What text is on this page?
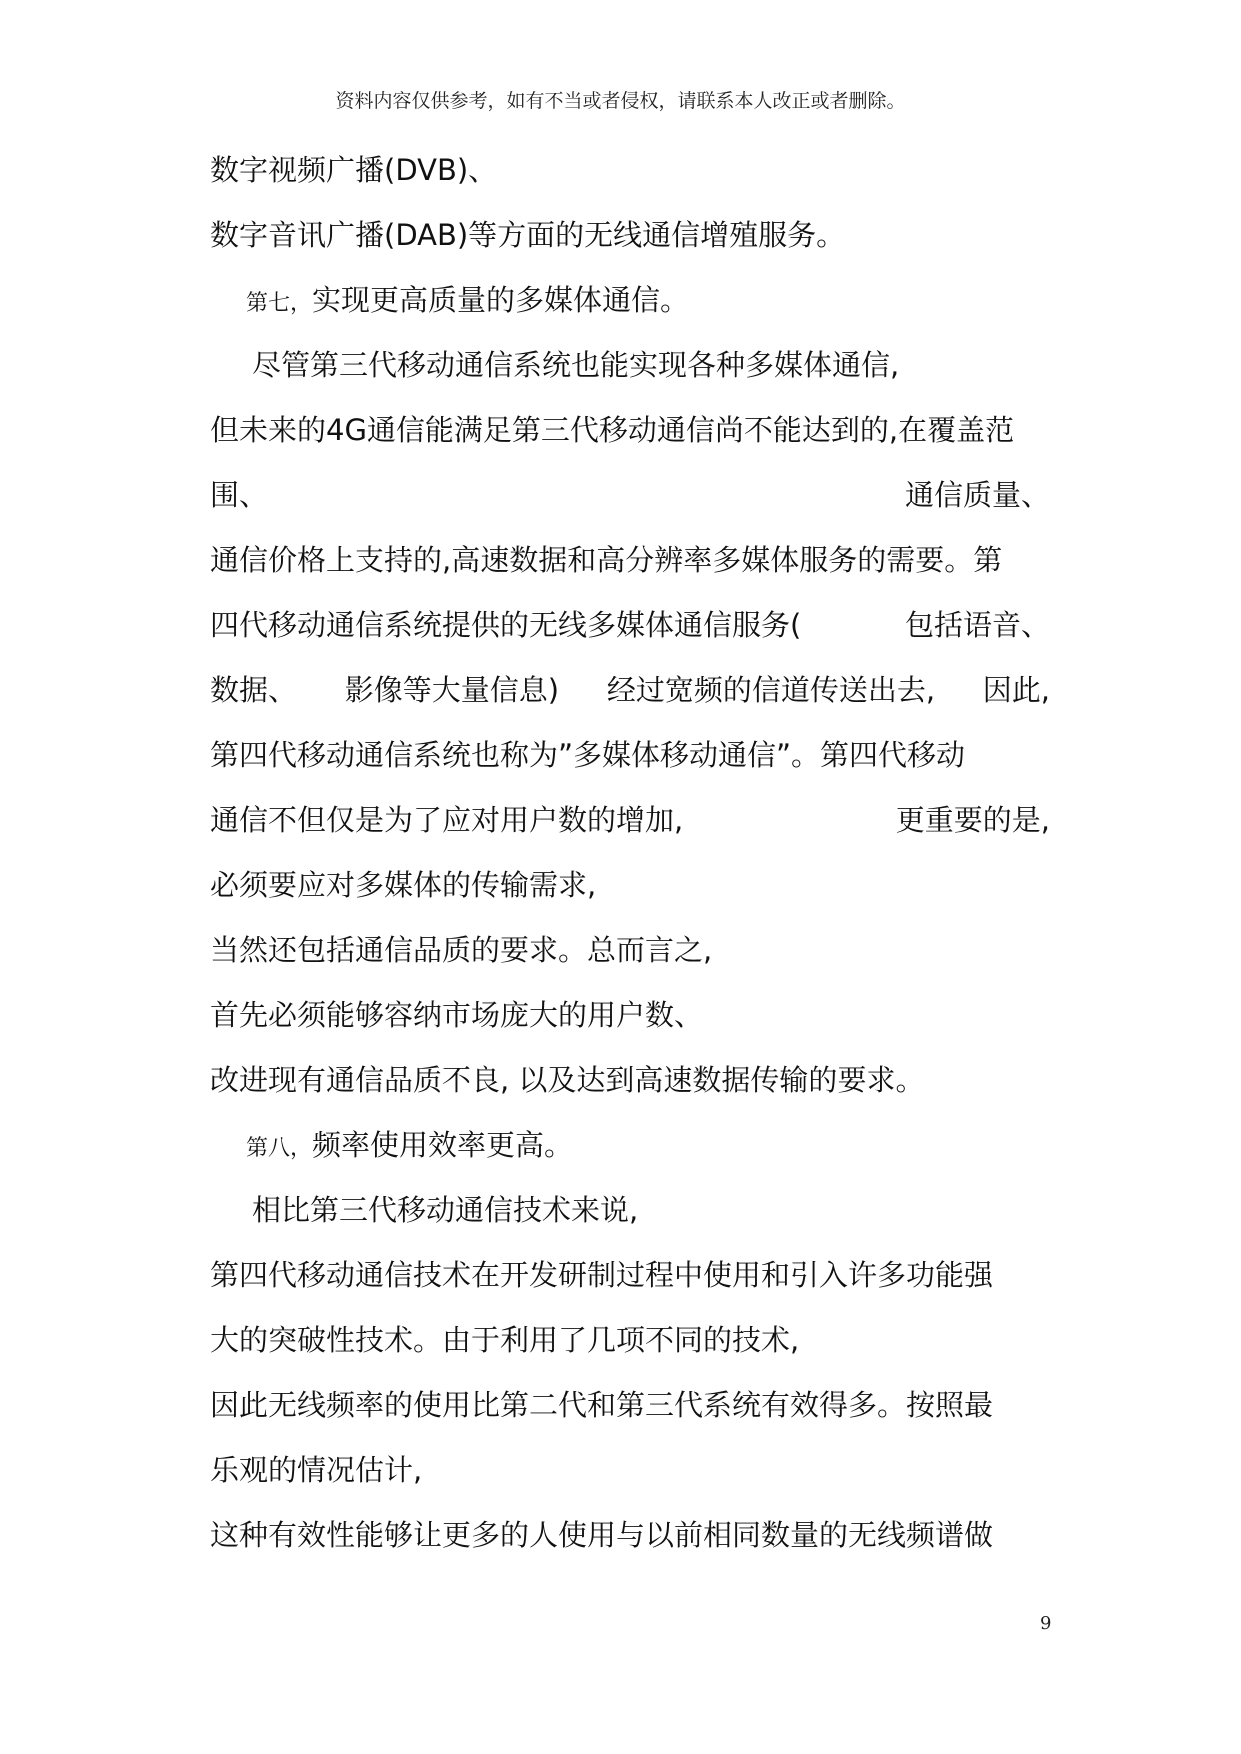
资料内容仅供参考，如有不当或者侵权，请联系本人改正或者删除。
数字视频广播(DVB)、
数字音讯广播(DAB)等方面的无线通信增殖服务。
第七，实现更高质量的多媒体通信。
尽管第三代移动通信系统也能实现各种多媒体通信,
但未来的4G通信能满足第三代移动通信尚不能达到的,在覆盖范
围、	通信质量、
通信价格上支持的,高速数据和高分辨率多媒体服务的需要。第
四代移动通信系统提供的无线多媒体通信服务(	包括语音、
数据、 影像等大量信息) 经过宽频的信道传送出去, 因此,
第四代移动通信系统也称为”多媒体移动通信”。第四代移动
通信不但仅是为了应对用户数的增加,	更重要的是,
必须要应对多媒体的传输需求,
当然还包括通信品质的要求。总而言之,
首先必须能够容纳市场庞大的用户数、
改进现有通信品质不良, 以及达到高速数据传输的要求。
第八，频率使用效率更高。
相比第三代移动通信技术来说,
第四代移动通信技术在开发研制过程中使用和引入许多功能强
大的突破性技术。由于利用了几项不同的技术,
因此无线频率的使用比第二代和第三代系统有效得多。按照最
乐观的情况估计,
这种有效性能够让更多的人使用与以前相同数量的无线频谱做
9
